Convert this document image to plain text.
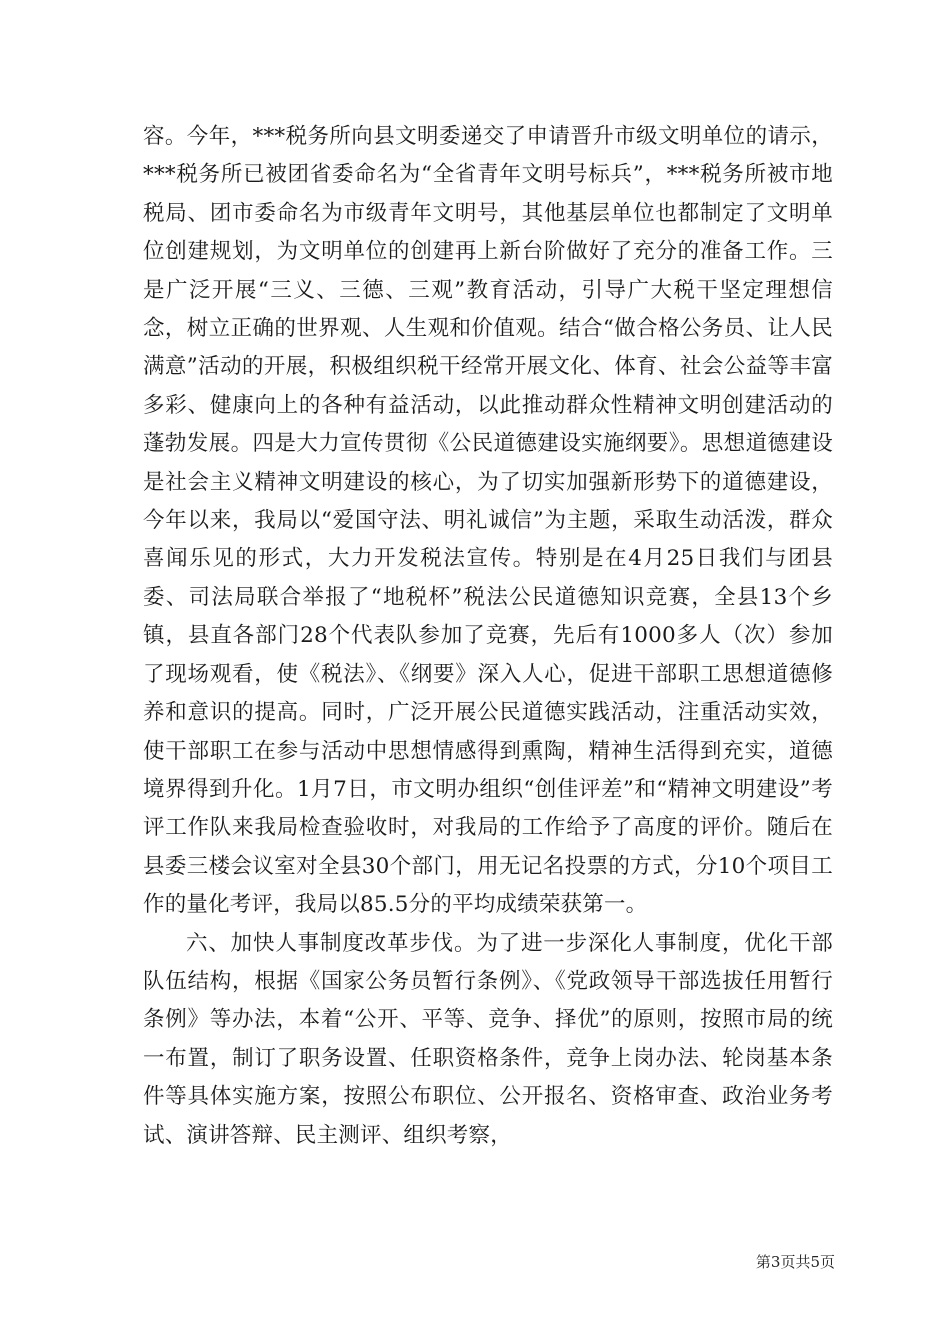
容。今年，***税务所向县文明委递交了申请晋升市级文明单位的请示，***税务所已被团省委命名为“全省青年文明号标兵”，***税务所被市地税局、团市委命名为市级青年文明号，其他基层单位也都制定了文明单位创建规划，为文明单位的创建再上新台阶做好了充分的准备工作。三是广泛开展“三义、三德、三观”教育活动，引导广大税干坚定理想信念，树立正确的世界观、人生观和价值观。结合“做合格公务员、让人民满意”活动的开展，积极组织税干经常开展文化、体育、社会公益等丰富多彩、健康向上的各种有益活动，以此推动群众性精神文明创建活动的蓬勃发展。四是大力宣传贯彻《公民道德建设实施纲要》。思想道德建设是社会主义精神文明建设的核心，为了切实加强新形势下的道德建设，今年以来，我局以“爱国守法、明礼诚信”为主题，采取生动活泼，群众喜闻乐见的形式，大力开发税法宣传。特别是在4月25日我们与团县委、司法局联合举报了“地税杯”税法公民道德知识竞赛，全县13个乡镇，县直各部门28个代表队参加了竞赛，先后有1000多人（次）参加了现场观看，使《税法》、《纲要》深入人心，促进干部职工思想道德修养和意识的提高。同时，广泛开展公民道德实践活动，注重活动实效，使干部职工在参与活动中思想情感得到熏陶，精神生活得到充实，道德境界得到升化。1月7日，市文明办组织“创佳评差”和“精神文明建设”考评工作队来我局检查验收时，对我局的工作给予了高度的评价。随后在县委三楼会议室对全县30个部门，用无记名投票的方式，分10个项目工作的量化考评，我局以85.5分的平均成绩荣获第一。

六、加快人事制度改革步伐。为了进一步深化人事制度，优化干部队伍结构，根据《国家公务员暂行条例》、《党政领导干部选拔任用暂行条例》等办法，本着“公开、平等、竞争、择优”的原则，按照市局的统一布置，制订了职务设置、任职资格条件，竞争上岗办法、轮岗基本条件等具体实施方案，按照公布职位、公开报名、资格审查、政治业务考试、演讲答辩、民主测评、组织考察，

第3页共5页
